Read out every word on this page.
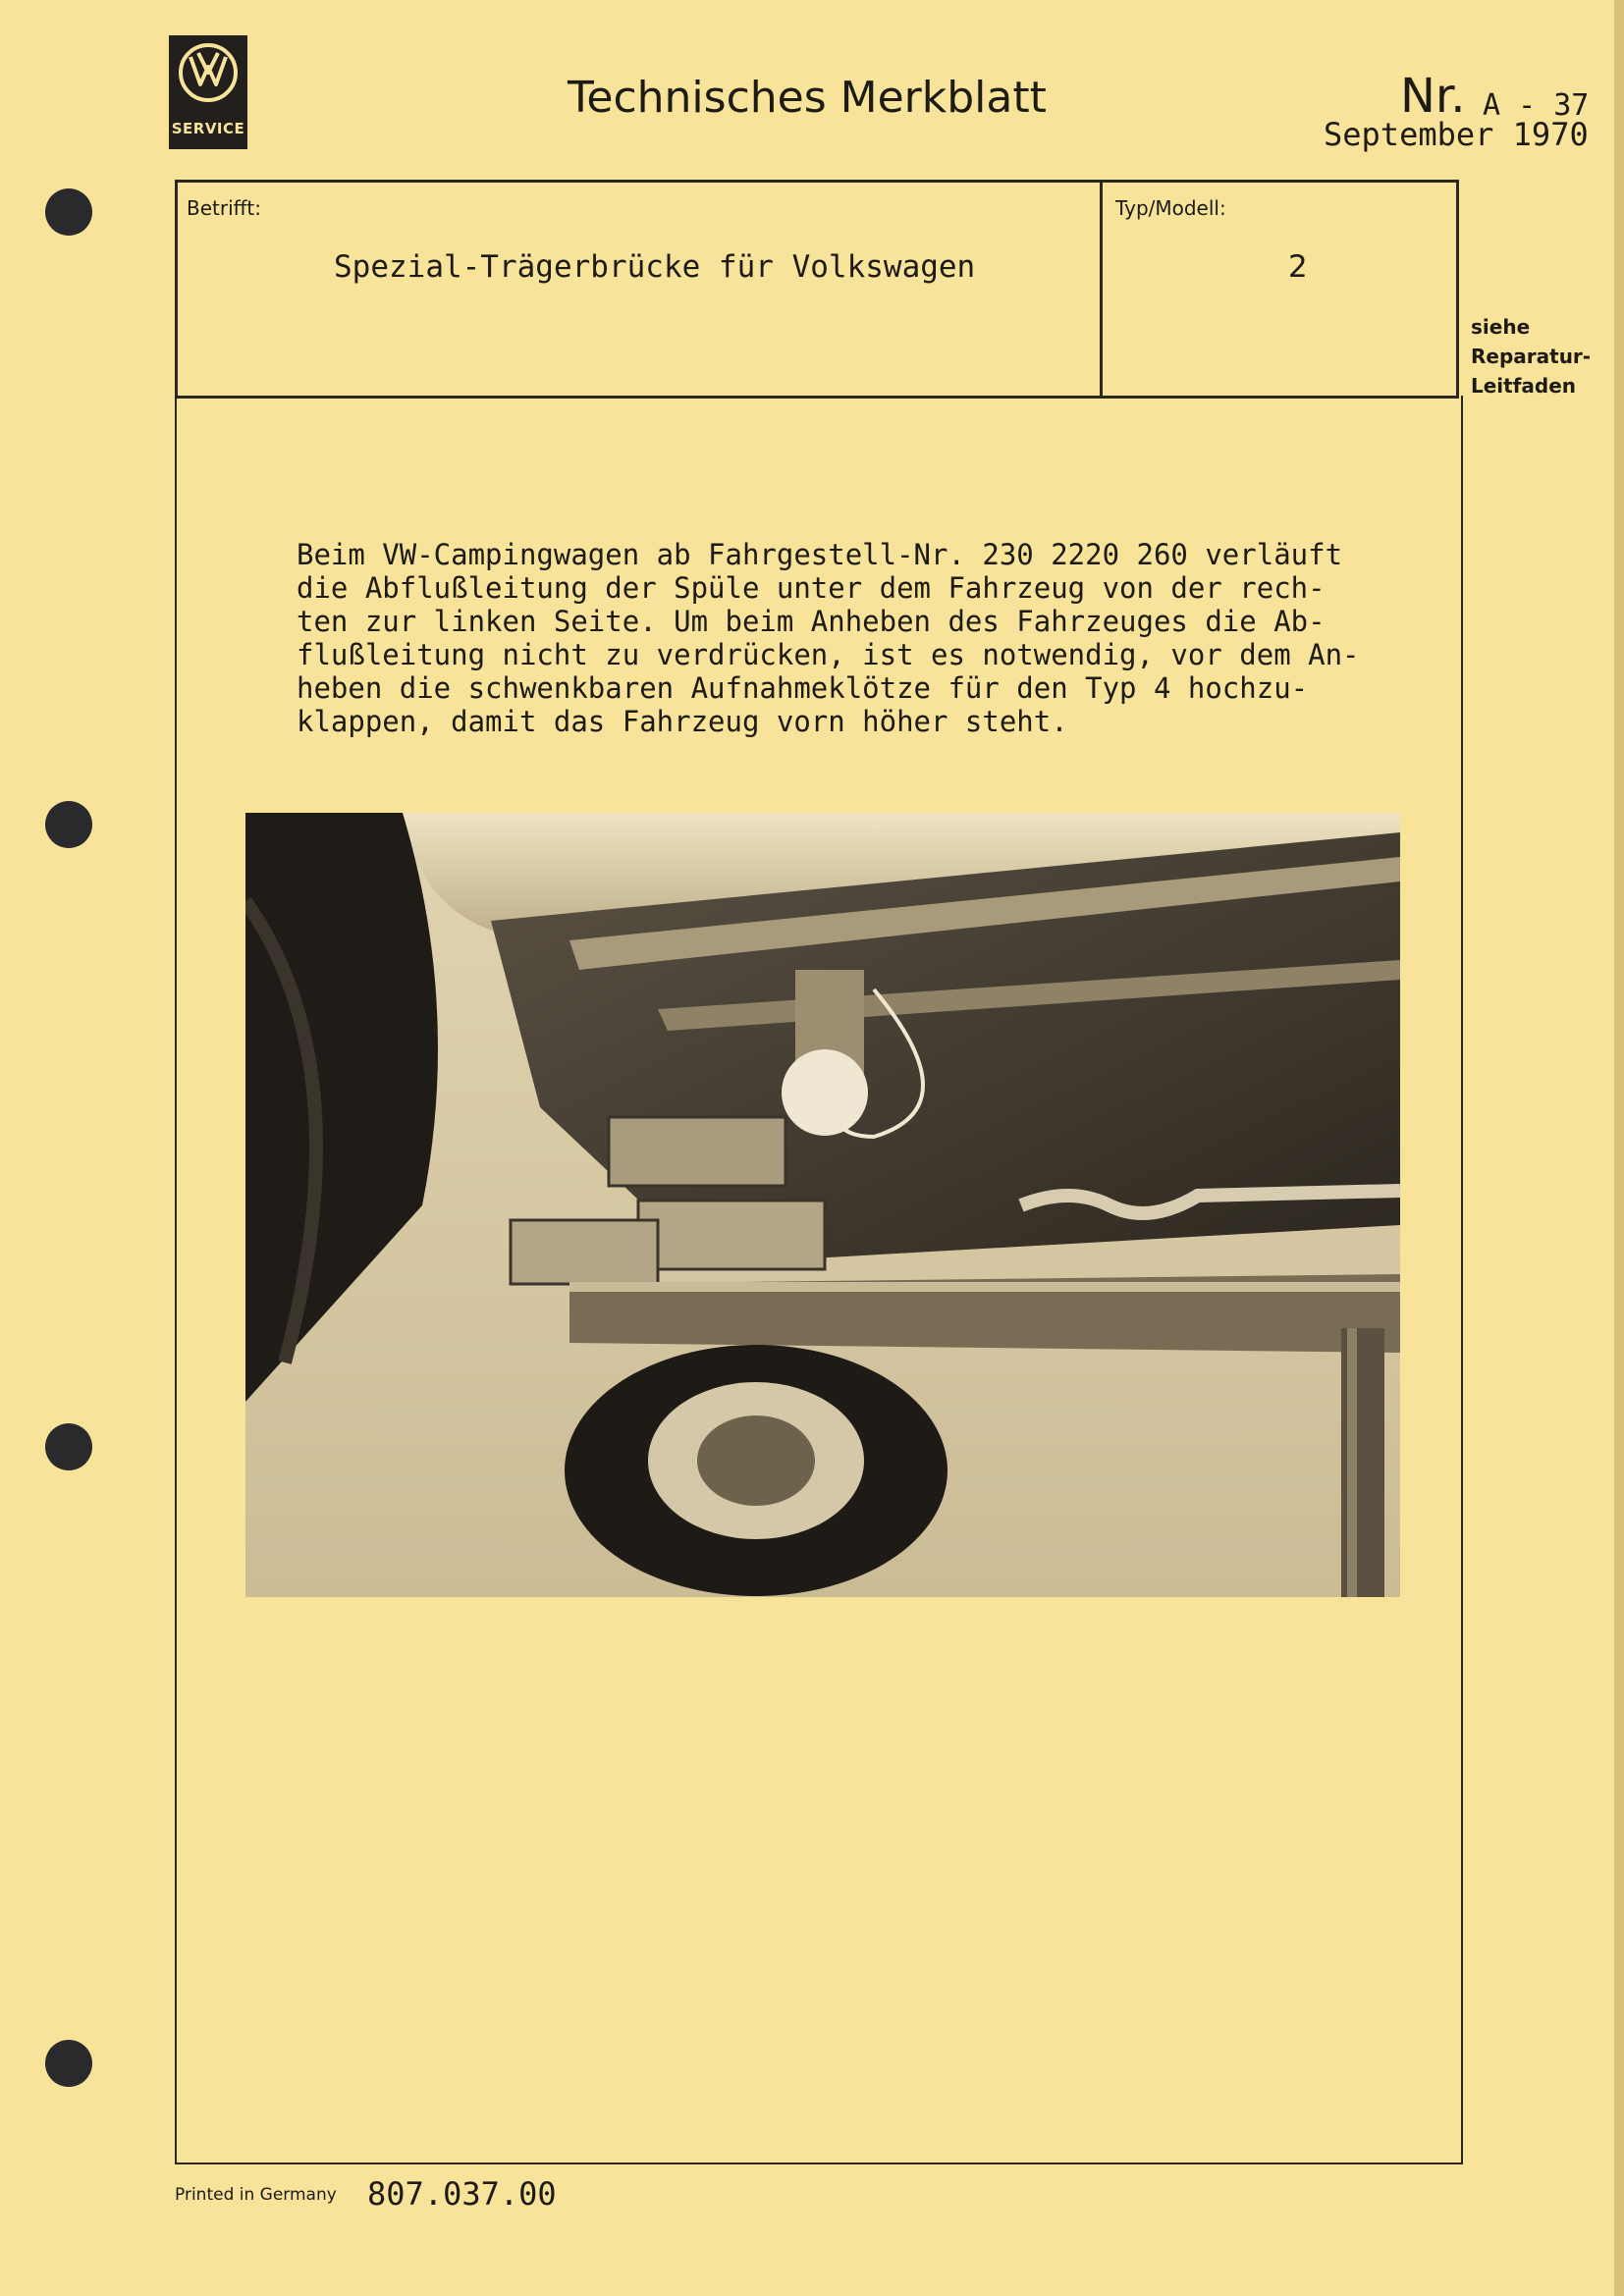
SERVICE
Technisches Merkblatt	Nr. A - 37
September 1970
Betrifft:	Typ/Modell:
Spezial-Trägerbrücke für Volkswagen	2
siehe
Reparatur-
Leitfaden
Beim VW-Campingwagen ab Fahrgestell-Nr. 230 2220 260 verläuft
die Abflußleitung der Spüle unter dem Fahrzeug von der rech-
ten zur linken Seite. Um beim Anheben des Fahrzeuges die Ab-
flußleitung nicht zu verdrücken, ist es notwendig, vor dem An-
heben die schwenkbaren Aufnahmeklötze für den Typ 4 hochzu-
klappen, damit das Fahrzeug vorn höher steht.
Printed in Germany 807.037.00
